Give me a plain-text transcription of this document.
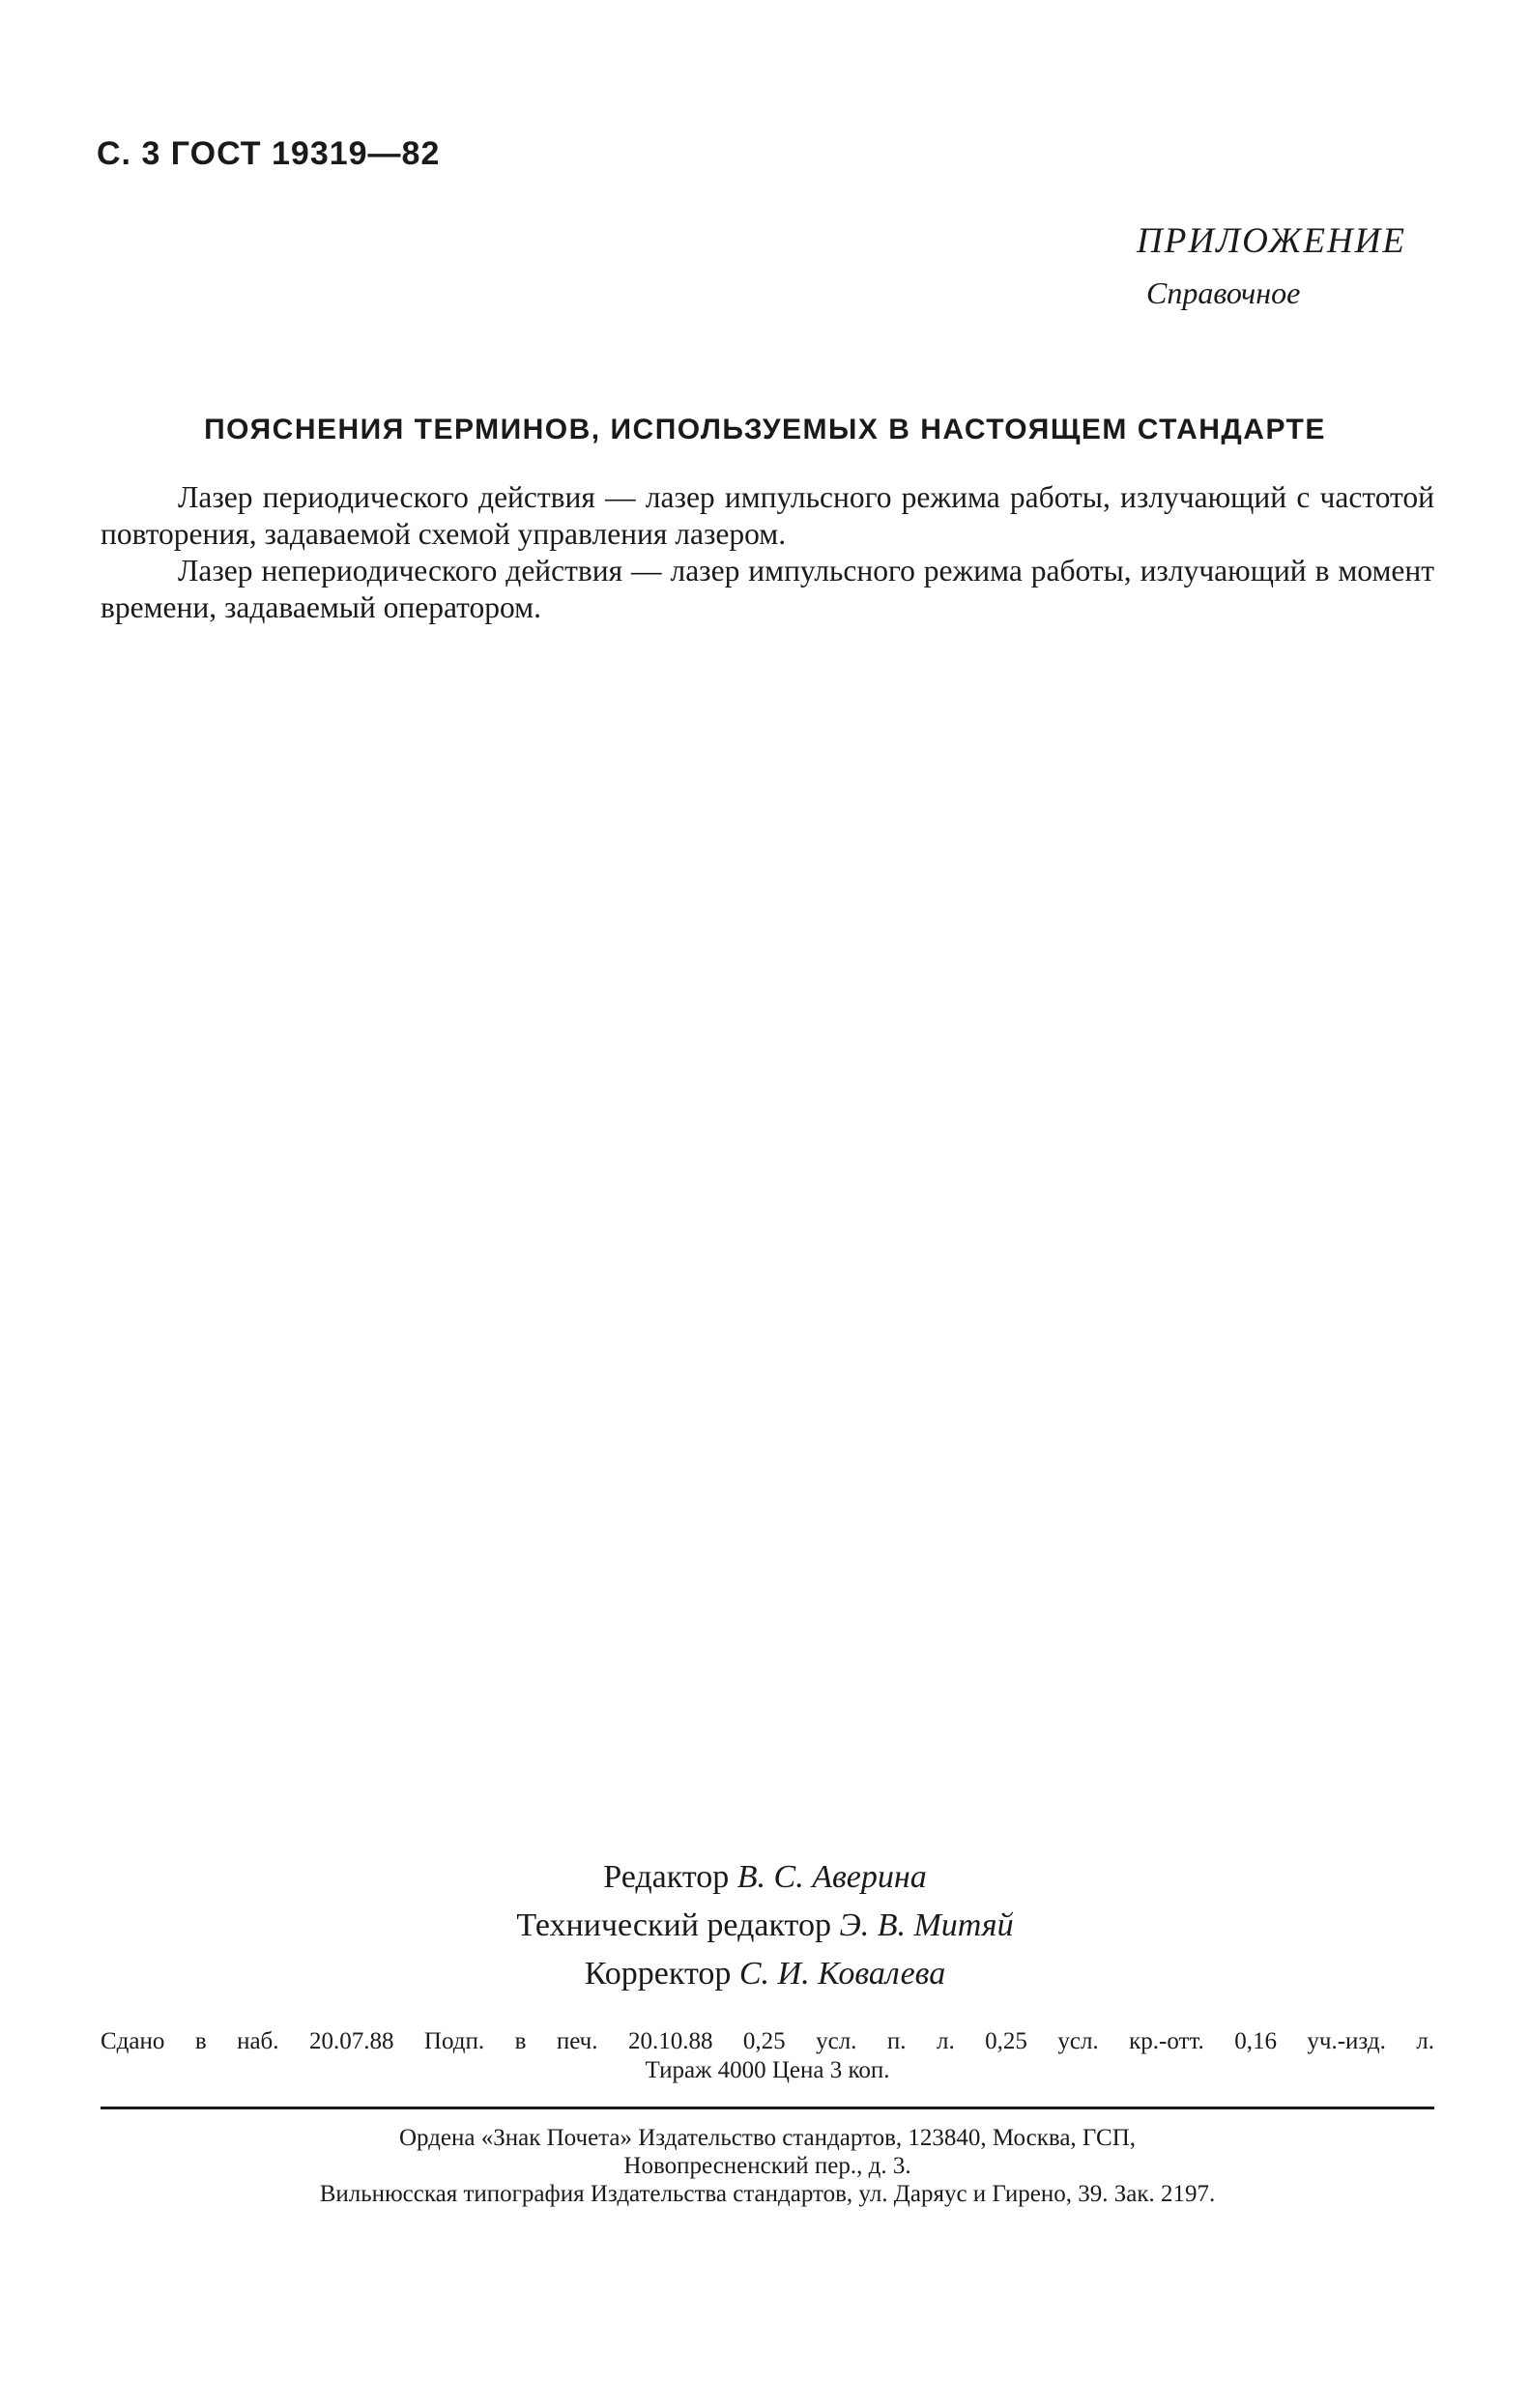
С. 3 ГОСТ 19319—82
ПРИЛОЖЕНИЕ
Справочное
ПОЯСНЕНИЯ ТЕРМИНОВ, ИСПОЛЬЗУЕМЫХ В НАСТОЯЩЕМ СТАНДАРТЕ

Лазер периодического действия — лазер импульсного режима работы, излучающий с частотой повторения, задаваемой схемой управления лазером.

Лазер непериодического действия — лазер импульсного режима работы, излучающий в момент времени, задаваемый оператором.

Редактор В. С. Аверина
Технический редактор Э. В. Митяй
Корректор С. И. Ковалева
Сдано в наб. 20.07.88 Подп. в печ. 20.10.88 0,25 усл. п. л. 0,25 усл. кр.-отт. 0,16 уч.-изд. л.
Тираж 4000 Цена 3 коп.
Ордена «Знак Почета» Издательство стандартов, 123840, Москва, ГСП,
Новопресненский пер., д. 3.
Вильнюсская типография Издательства стандартов, ул. Даряус и Гирено, 39. Зак. 2197.
